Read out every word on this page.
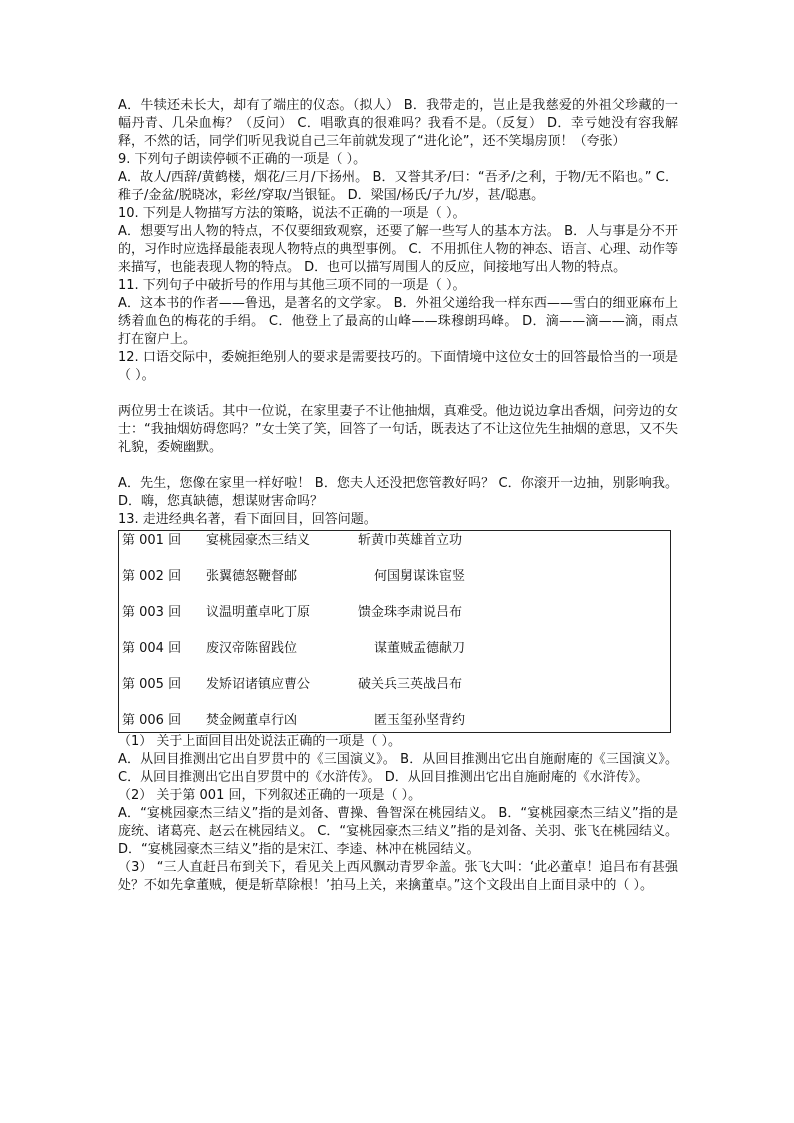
A．牛犊还未长大，却有了端庄的仪态。（拟人） B．我带走的，岂止是我慈爱的外祖父珍藏的一幅丹青、几朵血梅？（反问） C．唱歌真的很难吗？我看不是。（反复） D．幸亏她没有容我解释，不然的话，同学们听见我说自己三年前就发现了“进化论”，还不笑塌房顶！（夸张）

9. 下列句子朗读停顿不正确的一项是（ ）。

A．故人/西辞/黄鹤楼，烟花/三月/下扬州。 B．又誉其矛/曰：“吾矛/之利，于物/无不陷也。” C．稚子/金盆/脱晓冰，彩丝/穿取/当银钲。 D．梁国/杨氏/子九/岁，甚/聪惠。

10. 下列是人物描写方法的策略，说法不正确的一项是（ ）。

A．想要写出人物的特点，不仅要细致观察，还要了解一些写人的基本方法。 B．人与事是分不开的，习作时应选择最能表现人物特点的典型事例。 C．不用抓住人物的神态、语言、心理、动作等来描写，也能表现人物的特点。 D．也可以描写周围人的反应，间接地写出人物的特点。

11. 下列句子中破折号的作用与其他三项不同的一项是（ ）。

A．这本书的作者——鲁迅，是著名的文学家。 B．外祖父递给我一样东西——雪白的细亚麻布上绣着血色的梅花的手绢。 C．他登上了最高的山峰——珠穆朗玛峰。 D．滴——滴——滴，雨点打在窗户上。

12. 口语交际中，委婉拒绝别人的要求是需要技巧的。下面情境中这位女士的回答最恰当的一项是（ ）。

两位男士在谈话。其中一位说，在家里妻子不让他抽烟，真难受。他边说边拿出香烟，问旁边的女士：“我抽烟妨碍您吗？”女士笑了笑，回答了一句话，既表达了不让这位先生抽烟的意思，又不失礼貌，委婉幽默。

A．先生，您像在家里一样好啦！ B．您夫人还没把您管教好吗？ C．你滚开一边抽，别影响我。 D．嗨，您真缺德，想谋财害命吗？

13. 走进经典名著，看下面回目，回答问题。

第 001 回 宴桃园豪杰三结义	斩黄巾英雄首立功
第 002 回 张翼德怒鞭督邮	何国舅谋诛宦竖
第 003 回 议温明董卓叱丁原	馈金珠李肃说吕布
第 004 回 废汉帝陈留践位	谋董贼孟德献刀
第 005 回 发矫诏诸镇应曹公	破关兵三英战吕布
第 006 回 焚金阙董卓行凶	匿玉玺孙坚背约

（1） 关于上面回目出处说法正确的一项是（ ）。

A．从回目推测出它出自罗贯中的《三国演义》。 B．从回目推测出它出自施耐庵的《三国演义》。 C．从回目推测出它出自罗贯中的《水浒传》。 D．从回目推测出它出自施耐庵的《水浒传》。

（2） 关于第 001 回，下列叙述正确的一项是（ ）。

A．“宴桃园豪杰三结义”指的是刘备、曹操、鲁智深在桃园结义。 B．“宴桃园豪杰三结义”指的是庞统、诸葛亮、赵云在桃园结义。 C．“宴桃园豪杰三结义”指的是刘备、关羽、张飞在桃园结义。 D．“宴桃园豪杰三结义”指的是宋江、李逵、林冲在桃园结义。

（3） “三人直赶吕布到关下，看见关上西风飘动青罗伞盖。张飞大叫：‘此必董卓！追吕布有甚强处？不如先拿董贼，便是斩草除根！’拍马上关，来擒董卓。”这个文段出自上面目录中的（ ）。
